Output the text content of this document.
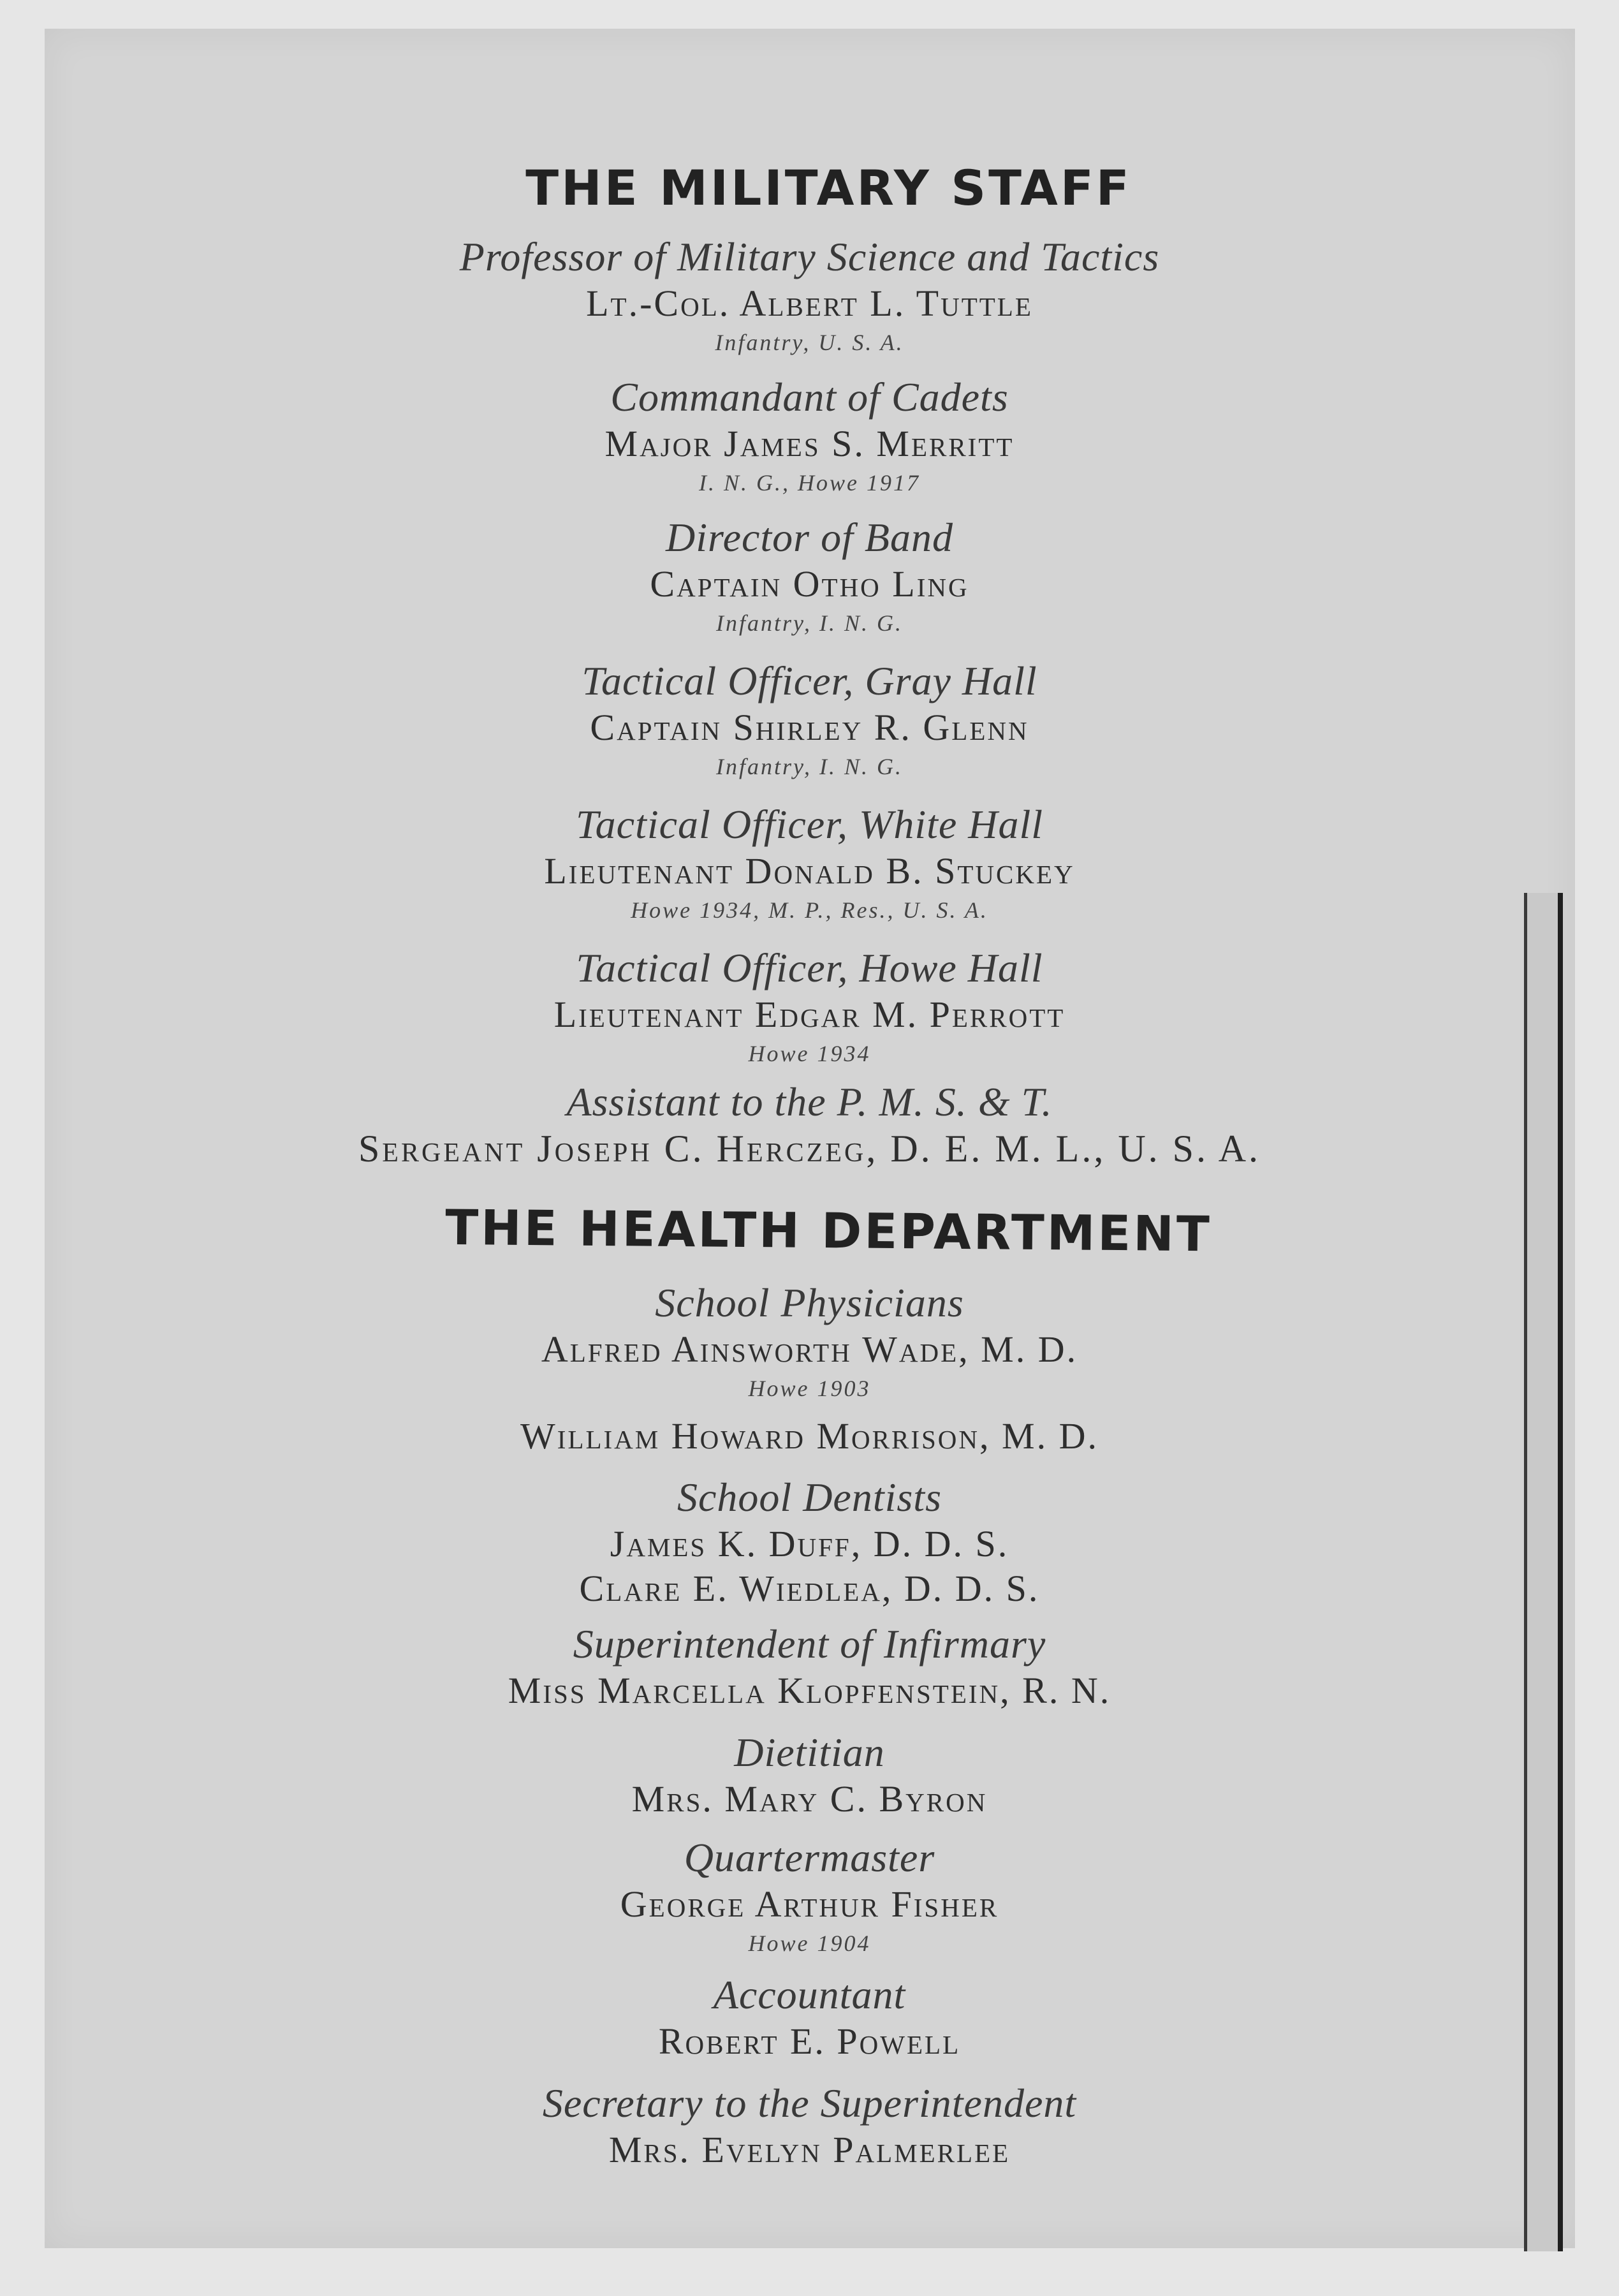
THE MILITARY STAFF
Professor of Military Science and Tactics
Lt.-Col. Albert L. Tuttle
Infantry, U. S. A.
Commandant of Cadets
Major James S. Merritt
I. N. G., Howe 1917
Director of Band
Captain Otho Ling
Infantry, I. N. G.
Tactical Officer, Gray Hall
Captain Shirley R. Glenn
Infantry, I. N. G.
Tactical Officer, White Hall
Lieutenant Donald B. Stuckey
Howe 1934, M. P., Res., U. S. A.
Tactical Officer, Howe Hall
Lieutenant Edgar M. Perrott
Howe 1934
Assistant to the P. M. S. & T.
Sergeant Joseph C. Herczeg, D. E. M. L., U. S. A.
THE HEALTH DEPARTMENT
School Physicians
Alfred Ainsworth Wade, M. D.
Howe 1903
William Howard Morrison, M. D.
School Dentists
James K. Duff, D. D. S.
Clare E. Wiedlea, D. D. S.
Superintendent of Infirmary
Miss Marcella Klopfenstein, R. N.
Dietitian
Mrs. Mary C. Byron
Quartermaster
George Arthur Fisher
Howe 1904
Accountant
Robert E. Powell
Secretary to the Superintendent
Mrs. Evelyn Palmerlee
